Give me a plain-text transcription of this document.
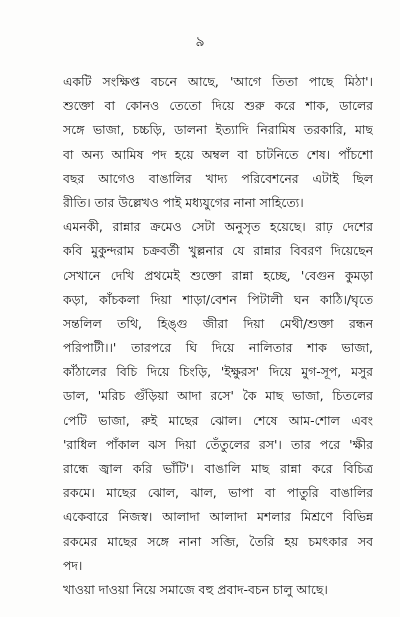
৯
একটি সংক্ষিপ্ত বচনে আছে, 'আগে তিতা পাছে মিঠা'।
শুক্তো বা কোনও তেতো দিয়ে শুরু করে শাক, ডালের
সঙ্গে ভাজা, চচ্চড়ি, ডালনা ইত্যাদি নিরামিষ তরকারি, মাছ
বা অন্য আমিষ পদ হয়ে অম্বল বা চাটনিতে শেষ। পাঁচশো
বছর আগেও বাঙালির খাদ্য পরিবেশনের এটাই ছিল
রীতি। তার উল্লেখও পাই মধ্যযুগের নানা সাহিত্যে।
এমনকী, রান্নার ক্রমেও সেটা অনুসৃত হয়েছে। রাঢ় দেশের
কবি মুকুন্দরাম চক্রবর্তী খুল্লনার যে রান্নার বিবরণ দিয়েছেন
সেখানে দেখি প্রথমেই শুক্তো রান্না হচ্ছে, 'বেগুন কুমড়া
কড়া, কাঁচকলা দিয়া শাড়া/বেশন পিটালী ঘন কাঠি।/ঘৃতে
সন্তলিল তথি, হিঙ্গু জীরা দিয়া মেথী/শুক্তা রন্ধন
পরিপাটী।।' তারপরে ঘি দিয়ে নালিতার শাক ভাজা,
কাঁঠালের বিচি দিয়ে চিংড়ি, 'ইক্ষুরস' দিয়ে মুগ-সূপ, মসুর
ডাল, 'মরিচ গুঁড়িয়া আদা রসে' কৈ মাছ ভাজা, চিতলের
পেটি ভাজা, রুই মাছের ঝোল। শেষে আম-শোল এবং
'রাধিল পাঁকাল ঝস দিয়া তেঁতুলের রস'। তার পরে 'ক্ষীর
রান্ধে জ্বাল করি ভাঁটি'। বাঙালি মাছ রান্না করে বিচিত্র
রকমে। মাছের ঝোল, ঝাল, ভাপা বা পাতুরি বাঙালির
একেবারে নিজস্ব। আলাদা আলাদা মশলার মিশ্রণে বিভিন্ন
রকমের মাছের সঙ্গে নানা সব্জি, তৈরি হয় চমৎকার সব
পদ।
খাওয়া দাওয়া নিয়ে সমাজে বহু প্রবাদ-বচন চালু আছে।
